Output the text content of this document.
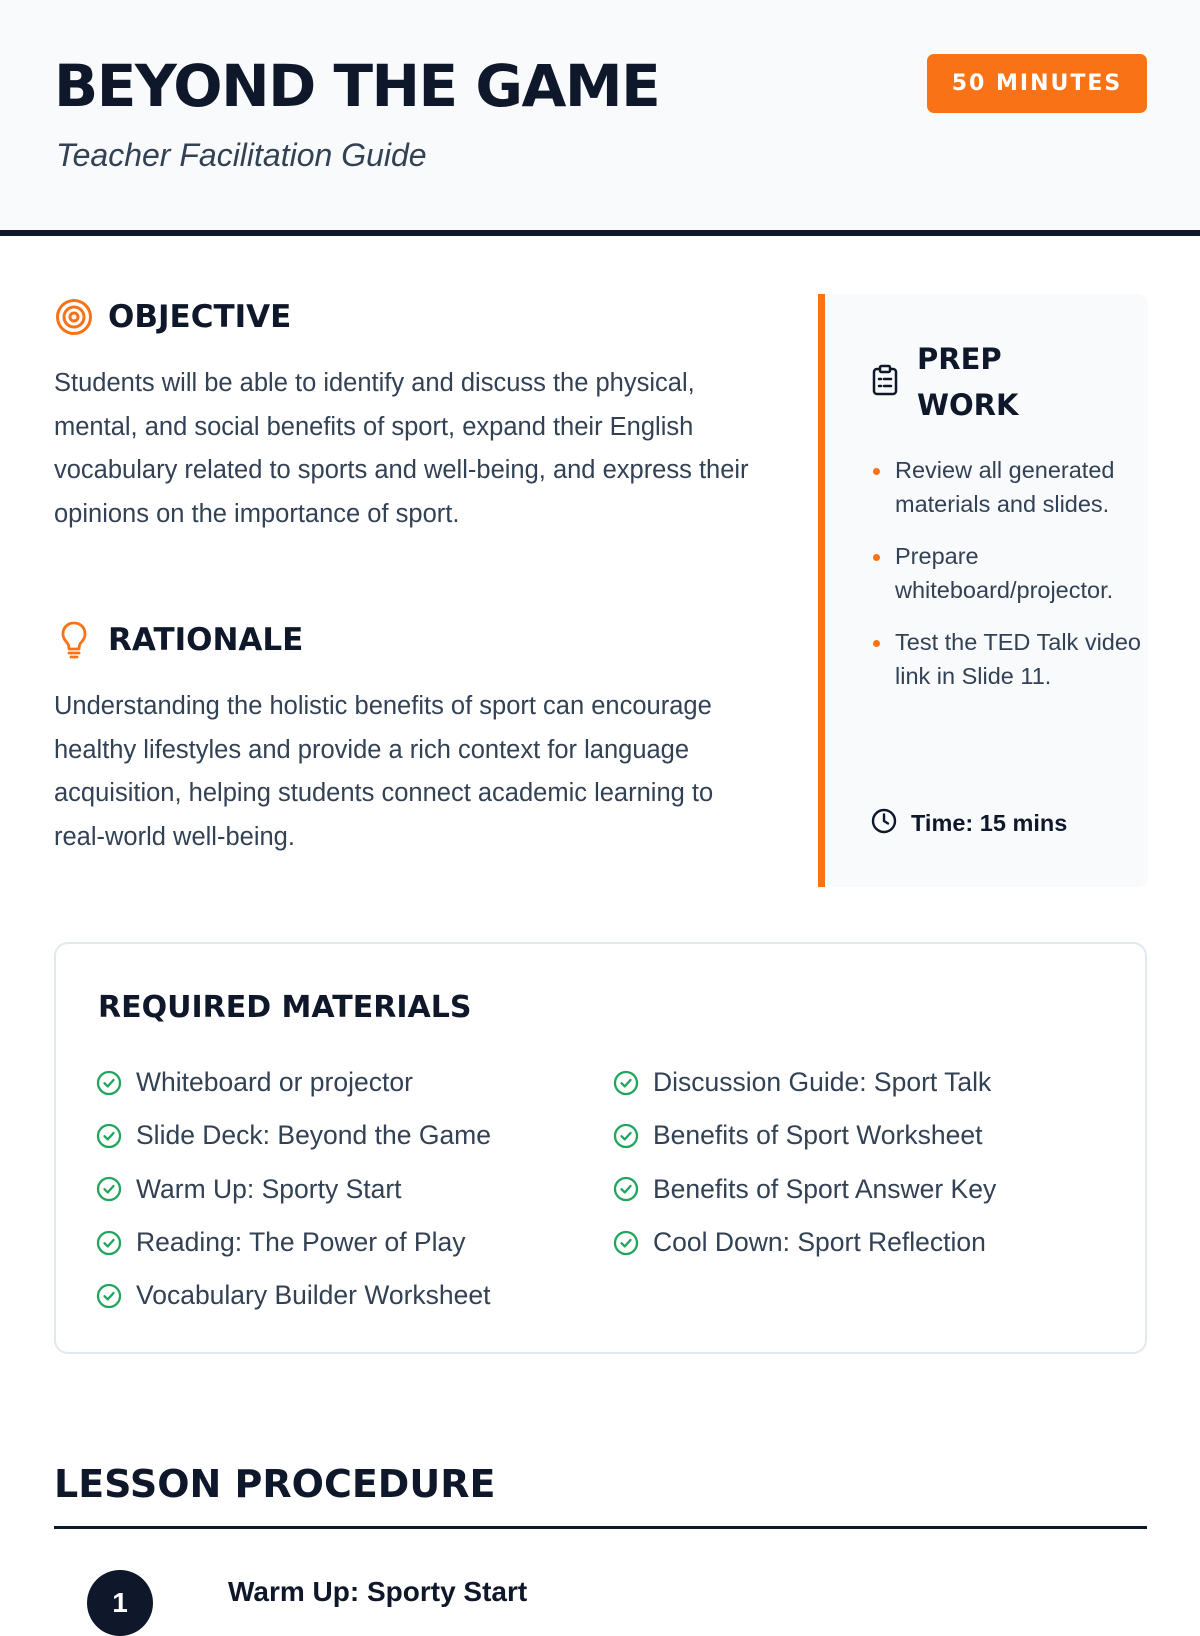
BEYOND THE GAME
Teacher Facilitation Guide
50 MINUTES
OBJECTIVE
Students will be able to identify and discuss the physical, mental, and social benefits of sport, expand their English vocabulary related to sports and well-being, and express their opinions on the importance of sport.
RATIONALE
Understanding the holistic benefits of sport can encourage healthy lifestyles and provide a rich context for language acquisition, helping students connect academic learning to real-world well-being.
PREP WORK
Review all generated materials and slides.
Prepare whiteboard/projector.
Test the TED Talk video link in Slide 11.
Time: 15 mins
REQUIRED MATERIALS
Whiteboard or projector
Slide Deck: Beyond the Game
Warm Up: Sporty Start
Reading: The Power of Play
Vocabulary Builder Worksheet
Discussion Guide: Sport Talk
Benefits of Sport Worksheet
Benefits of Sport Answer Key
Cool Down: Sport Reflection
LESSON PROCEDURE
1	Warm Up: Sporty Start
